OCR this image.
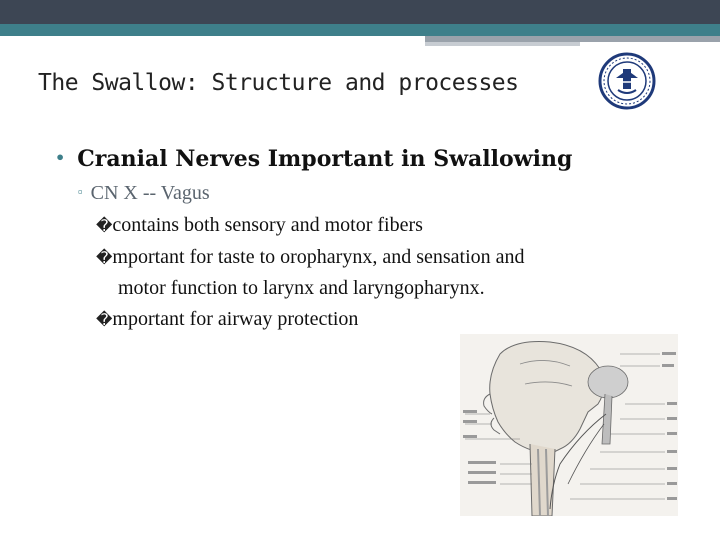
The Swallow: Structure and processes
• Cranial Nerves Important in Swallowing
▫ CN X -- Vagus
�contains both sensory and motor fibers
�mportant for taste to oropharynx, and sensation and
motor function to larynx and laryngopharynx.
�mportant for airway protection
